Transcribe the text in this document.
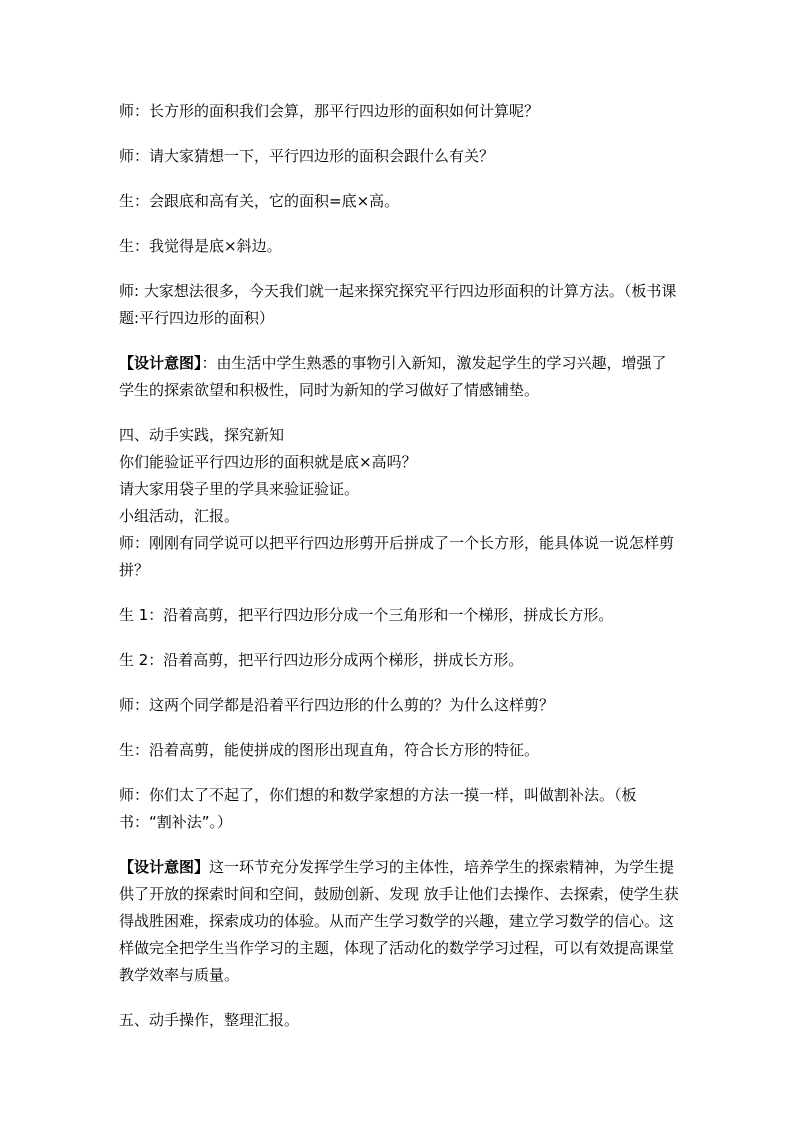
师：长方形的面积我们会算，那平行四边形的面积如何计算呢？

师：请大家猜想一下，平行四边形的面积会跟什么有关？

生：会跟底和高有关，它的面积=底×高。

生：我觉得是底×斜边。

师: 大家想法很多，今天我们就一起来探究探究平行四边形面积的计算方法。（板书课题:平行四边形的面积）

【设计意图】：由生活中学生熟悉的事物引入新知，激发起学生的学习兴趣，增强了学生的探索欲望和积极性，同时为新知的学习做好了情感铺垫。

四、动手实践，探究新知

你们能验证平行四边形的面积就是底×高吗？

请大家用袋子里的学具来验证验证。

小组活动，汇报。

师：刚刚有同学说可以把平行四边形剪开后拼成了一个长方形，能具体说一说怎样剪拼？

生 1：沿着高剪，把平行四边形分成一个三角形和一个梯形，拼成长方形。

生 2：沿着高剪，把平行四边形分成两个梯形，拼成长方形。

师：这两个同学都是沿着平行四边形的什么剪的？为什么这样剪？

生：沿着高剪，能使拼成的图形出现直角，符合长方形的特征。

师：你们太了不起了，你们想的和数学家想的方法一摸一样，叫做割补法。（板书：“割补法”。）

【设计意图】这一环节充分发挥学生学习的主体性，培养学生的探索精神，为学生提供了开放的探索时间和空间，鼓励创新、发现 放手让他们去操作、去探索，使学生获得战胜困难，探索成功的体验。从而产生学习数学的兴趣，建立学习数学的信心。这样做完全把学生当作学习的主题，体现了活动化的数学学习过程，可以有效提高课堂教学效率与质量。

五、动手操作，整理汇报。
